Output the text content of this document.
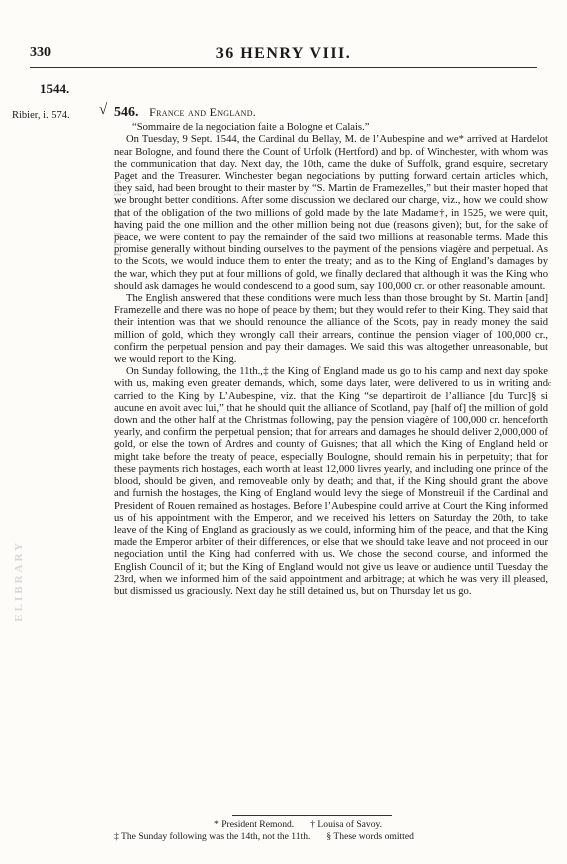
330	36 HENRY VIII.
1544.
Ribier, i. 574. √
ᶜ
ELIBRARY
ELIBRARY
546. France and England.
“Sommaire de la negociation faite a Bologne et Calais.”

On Tuesday, 9 Sept. 1544, the Cardinal du Bellay, M. de l’Aubespine and we* arrived at Hardelot near Bologne, and found there the Count of Urfolk (Hertford) and bp. of Winchester, with whom was the communication that day. Next day, the 10th, came the duke of Suffolk, grand esquire, secretary Paget and the Treasurer. Winchester began negociations by putting forward certain articles which, they said, had been brought to their master by “S. Martin de Framezelles,” but their master hoped that we brought better conditions. After some discussion we declared our charge, viz., how we could show that of the obligation of the two millions of gold made by the late Madame†, in 1525, we were quit, having paid the one million and the other million being not due (reasons given); but, for the sake of peace, we were content to pay the remainder of the said two millions at reasonable terms. Made this promise generally without binding ourselves to the payment of the pensions viagère and perpetual. As to the Scots, we would induce them to enter the treaty; and as to the King of England’s damages by the war, which they put at four millions of gold, we finally declared that although it was the King who should ask damages he would condescend to a good sum, say 100,000 cr. or other reasonable amount.

The English answered that these conditions were much less than those brought by St. Martin [and] Framezelle and there was no hope of peace by them; but they would refer to their King. They said that their intention was that we should renounce the alliance of the Scots, pay in ready money the said million of gold, which they wrongly call their arrears, continue the pension viager of 100,000 cr., confirm the perpetual pension and pay their damages. We said this was altogether unreasonable, but we would report to the King.

On Sunday following, the 11th.,‡ the King of England made us go to his camp and next day spoke with us, making even greater demands, which, some days later, were delivered to us in writing and carried to the King by L’Aubespine, viz. that the King “se departiroit de l’alliance [du Turc]§ si aucune en avoit avec lui,” that he should quit the alliance of Scotland, pay [half of] the million of gold down and the other half at the Christmas following, pay the pension viagère of 100,000 cr. henceforth yearly, and confirm the perpetual pension; that for arrears and damages he should deliver 2,000,000 of gold, or else the town of Ardres and county of Guisnes; that all which the King of England held or might take before the treaty of peace, especially Boulogne, should remain his in perpetuity; that for these payments rich hostages, each worth at least 12,000 livres yearly, and including one prince of the blood, should be given, and removeable only by death; and that, if the King should grant the above and furnish the hostages, the King of England would levy the siege of Monstreuil if the Cardinal and President of Rouen remained as hostages. Before l’Aubespine could arrive at Court the King informed us of his appointment with the Emperor, and we received his letters on Saturday the 20th, to take leave of the King of England as graciously as we could, informing him of the peace, and that the King made the Emperor arbiter of their differences, or else that we should take leave and not proceed in our negociation until the King had conferred with us. We chose the second course, and informed the English Council of it; but the King of England would not give us leave or audience until Tuesday the 23rd, when we informed him of the said appointment and arbitrage; at which he was very ill pleased, but dismissed us graciously. Next day he still detained us, but on Thursday let us go.

* President Remond. † Louisa of Savoy.
‡ The Sunday following was the 14th, not the 11th. § These words omitted
